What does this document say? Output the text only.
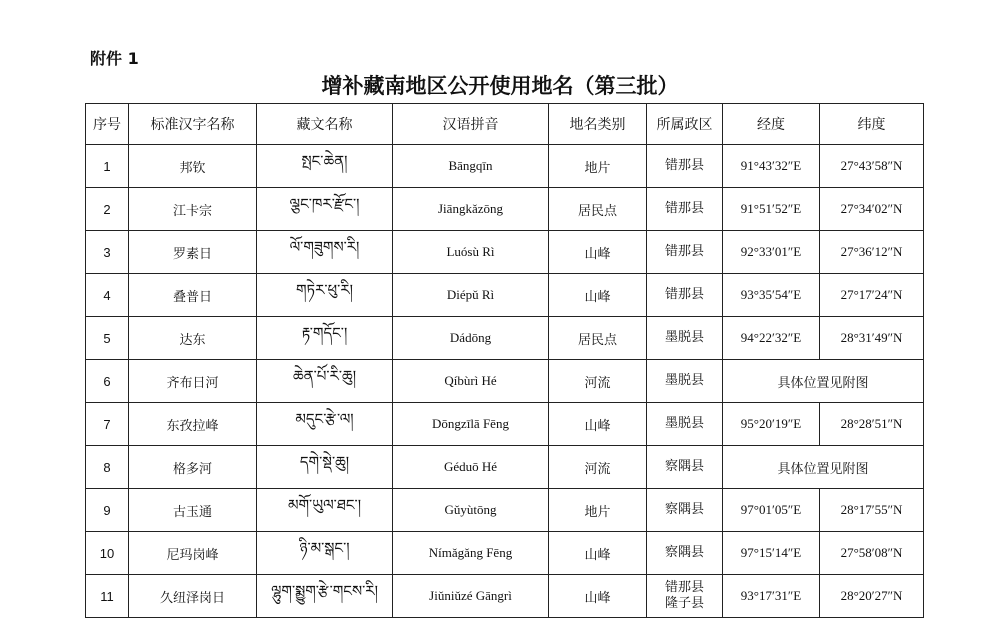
附件 1
增补藏南地区公开使用地名（第三批）
序号	标准汉字名称	藏文名称	汉语拼音	地名类别	所属政区	经度	纬度
1	邦钦	སྤང་ཆེན།	Bāngqīn	地片	错那县	91°43′32″E	27°43′58″N
2	江卡宗	ལྕང་ཁར་རྫོང་།	Jiāngkǎzōng	居民点	错那县	91°51′52″E	27°34′02″N
3	罗素日	ལོ་གཟུགས་རི།	Luósù Rì	山峰	错那县	92°33′01″E	27°36′12″N
4	叠普日	གཏེར་ཕུ་རི།	Diépǔ Rì	山峰	错那县	93°35′54″E	27°17′24″N
5	达东	རྟ་གདོང་།	Dádōng	居民点	墨脱县	94°22′32″E	28°31′49″N
6	齐布日河	ཆེན་པོ་རི་ཆུ།	Qíbùrì Hé	河流	墨脱县	具体位置见附图	
7	东孜拉峰	མདུང་རྩེ་ལ།	Dōngzīlā Fēng	山峰	墨脱县	95°20′19″E	28°28′51″N
8	格多河	དགེ་སྡེ་ཆུ།	Géduō Hé	河流	察隅县	具体位置见附图	
9	古玉通	མགོ་ཡུལ་ཐང་།	Gǔyùtōng	地片	察隅县	97°01′05″E	28°17′55″N
10	尼玛岗峰	ཉི་མ་སྒང་།	Nímǎgǎng Fēng	山峰	察隅县	97°15′14″E	27°58′08″N
11	久纽泽岗日	ལྷུག་སྨྱུག་རྩེ་གངས་རི།	Jiǔniǔzé Gāngrì	山峰	错那县
隆子县	93°17′31″E	28°20′27″N
